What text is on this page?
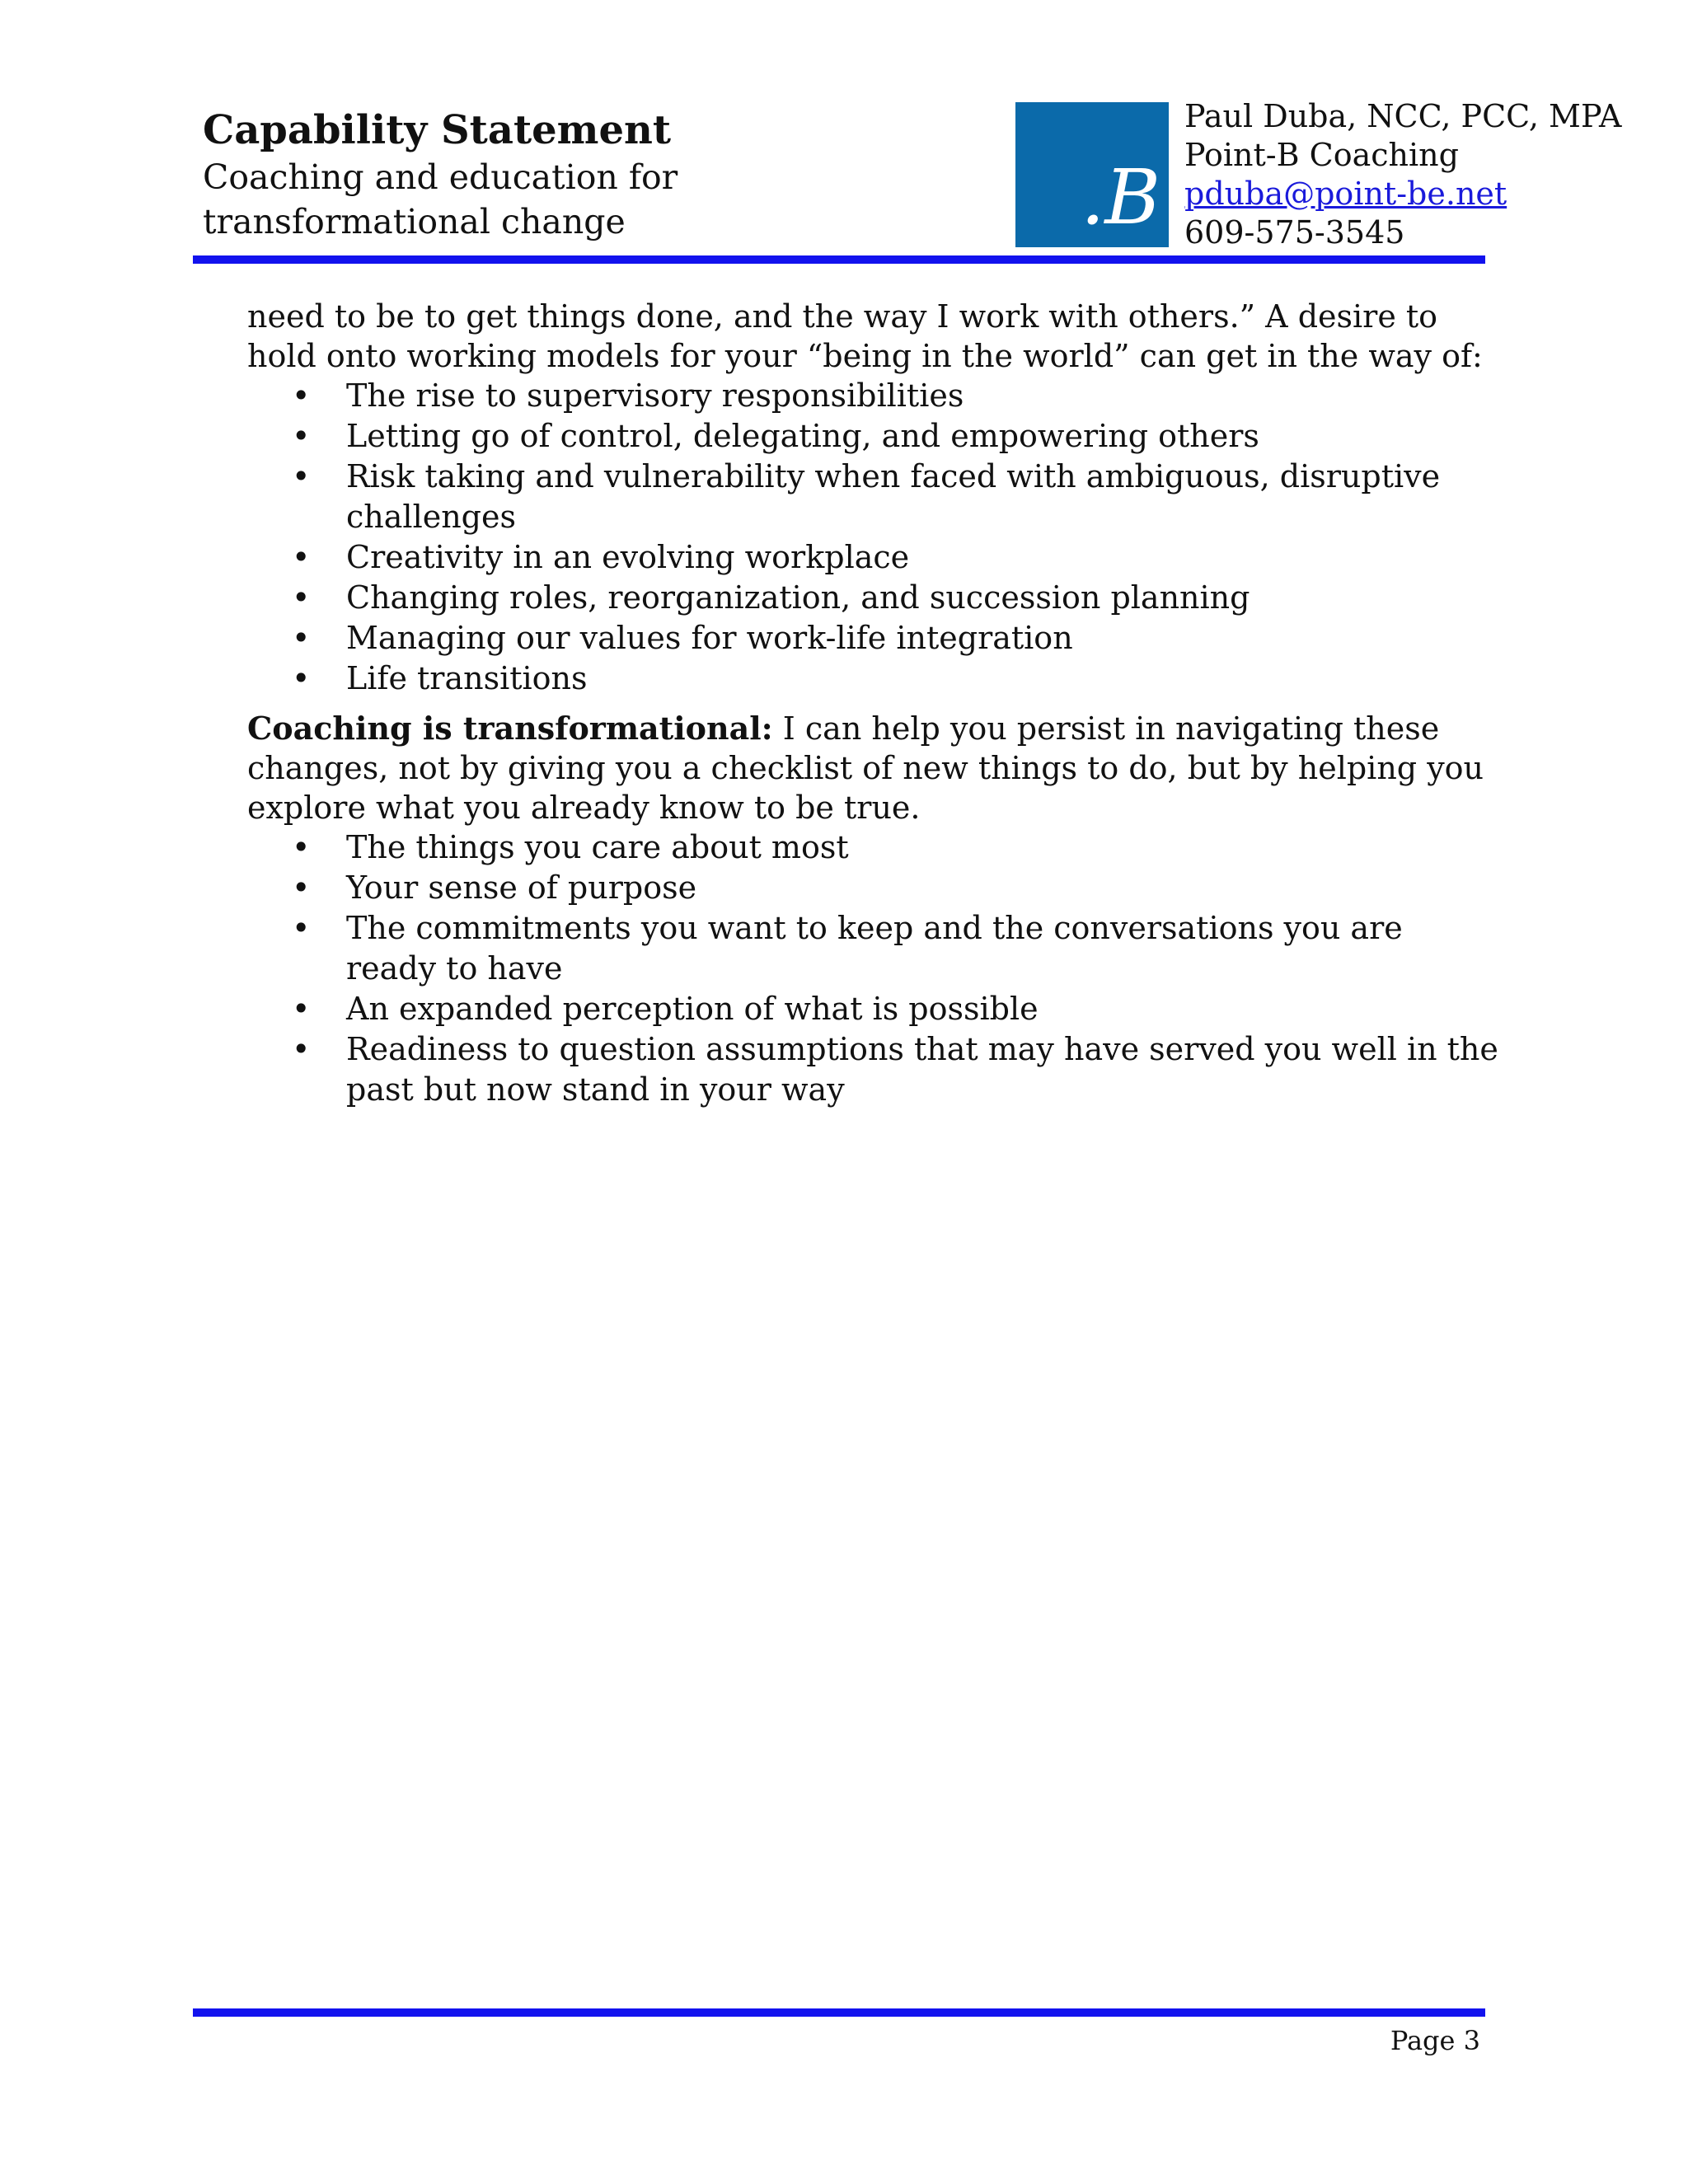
Capability Statement

Coaching and education for transformational change	.B
Paul Duba, NCC, PCC, MPA
Point-B Coaching
pduba@point-be.net
609-575-3545

need to be to get things done, and the way I work with others.” A desire to hold onto working models for your “being in the world” can get in the way of:

• The rise to supervisory responsibilities
• Letting go of control, delegating, and empowering others
• Risk taking and vulnerability when faced with ambiguous, disruptive challenges
• Creativity in an evolving workplace
• Changing roles, reorganization, and succession planning
• Managing our values for work-life integration
• Life transitions

Coaching is transformational: I can help you persist in navigating these changes, not by giving you a checklist of new things to do, but by helping you explore what you already know to be true.

• The things you care about most
• Your sense of purpose
• The commitments you want to keep and the conversations you are ready to have
• An expanded perception of what is possible
• Readiness to question assumptions that may have served you well in the past but now stand in your way
Page 3
